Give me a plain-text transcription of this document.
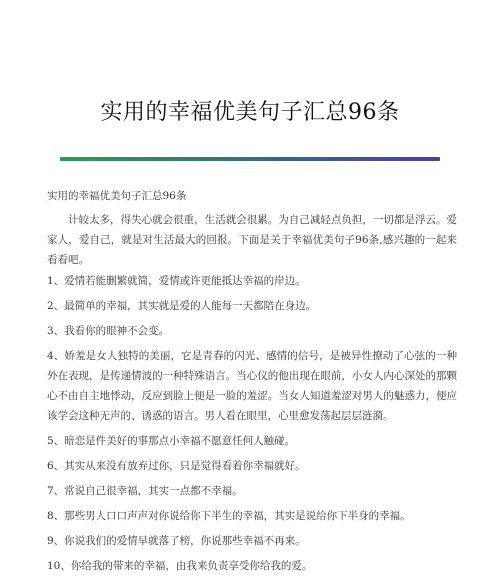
实用的幸福优美句子汇总96条
实用的幸福优美句子汇总96条

计较太多，得失心就会很重，生活就会很累。为自己减轻点负担，一切都是浮云。爱家人，爱自己，就是对生活最大的回报。下面是关于幸福优美句子96条,感兴趣的一起来看看吧。

1、爱情若能删繁就简，爱情或许更能抵达幸福的岸边。

2、最简单的幸福，其实就是爱的人能每一天都陪在身边。

3、我看你的眼神不会变。

4、娇羞是女人独特的美丽，它是青春的闪光、感情的信号，是被异性撩动了心弦的一种外在表现，是传递情波的一种特殊语言。当心仪的他出现在眼前，小女人内心深处的那颗心不由自主地悸动，反应到脸上便是一脸的羞涩。当女人知道羞涩对男人的魅惑力，便应该学会这种无声的、诱惑的语言。男人看在眼里，心里愈发荡起层层涟漪。

5、暗恋是件美好的事那点小幸福不愿意任何人触碰。

6、其实从来没有放弃过你，只是觉得看着你幸福就好。

7、常说自己很幸福，其实一点都不幸福。

8、那些男人口口声声对你说给你下半生的幸福，其实是说给你下半身的幸福。

9、你说我们的爱情早就落了榜，你说那些幸福不再来。

10、你给我的带来的幸福，由我来负责享受你给我的爱。
